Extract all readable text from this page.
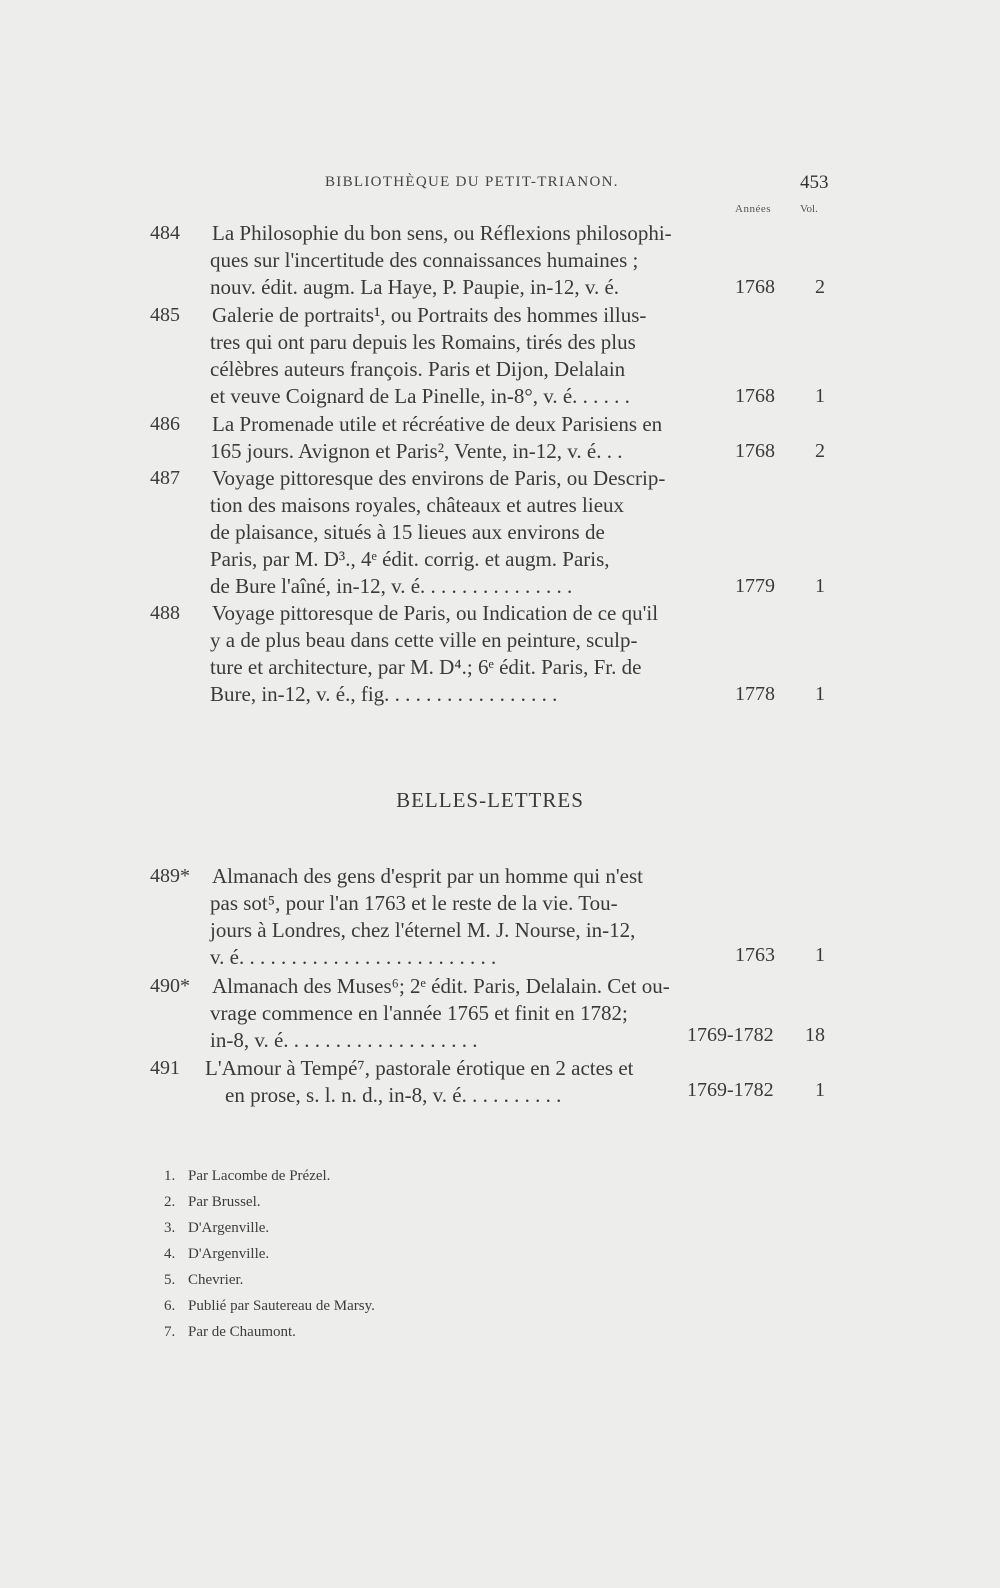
BIBLIOTHÈQUE DU PETIT-TRIANON.	453
Années	Vol.
484 La Philosophie du bon sens, ou Réflexions philosophi-
ques sur l'incertitude des connaissances humaines ;
nouv. édit. augm. La Haye, P. Paupie, in-12, v. é.	1768 2
485 Galerie de portraits¹, ou Portraits des hommes illus-
tres qui ont paru depuis les Romains, tirés des plus
célèbres auteurs françois. Paris et Dijon, Delalain
et veuve Coignard de La Pinelle, in-8°, v. é. . . . . .	1768 1
486 La Promenade utile et récréative de deux Parisiens en
165 jours. Avignon et Paris², Vente, in-12, v. é. . .	1768 2
487 Voyage pittoresque des environs de Paris, ou Descrip-
tion des maisons royales, châteaux et autres lieux
de plaisance, situés à 15 lieues aux environs de
Paris, par M. D³., 4ᵉ édit. corrig. et augm. Paris,
de Bure l'aîné, in-12, v. é. . . . . . . . . . . . . . .	1779 1
488 Voyage pittoresque de Paris, ou Indication de ce qu'il
y a de plus beau dans cette ville en peinture, sculp-
ture et architecture, par M. D⁴.; 6ᵉ édit. Paris, Fr. de
Bure, in-12, v. é., fig. . . . . . . . . . . . . . . . .	1778 1
BELLES-LETTRES
489* Almanach des gens d'esprit par un homme qui n'est
pas sot⁵, pour l'an 1763 et le reste de la vie. Tou-
jours à Londres, chez l'éternel M. J. Nourse, in-12,
v. é. . . . . . . . . . . . . . . . . . . . . . . . .	1763 1
490* Almanach des Muses⁶; 2ᵉ édit. Paris, Delalain. Cet ou-
vrage commence en l'année 1765 et finit en 1782;
in-8, v. é. . . . . . . . . . . . . . . . . . .	1769-1782 18
491 L'Amour à Tempé⁷, pastorale érotique en 2 actes et
en prose, s. l. n. d., in-8, v. é. . . . . . . . . .	1769-1782 1
1. Par Lacombe de Prézel.
2. Par Brussel.
3. D'Argenville.
4. D'Argenville.
5. Chevrier.
6. Publié par Sautereau de Marsy.
7. Par de Chaumont.
